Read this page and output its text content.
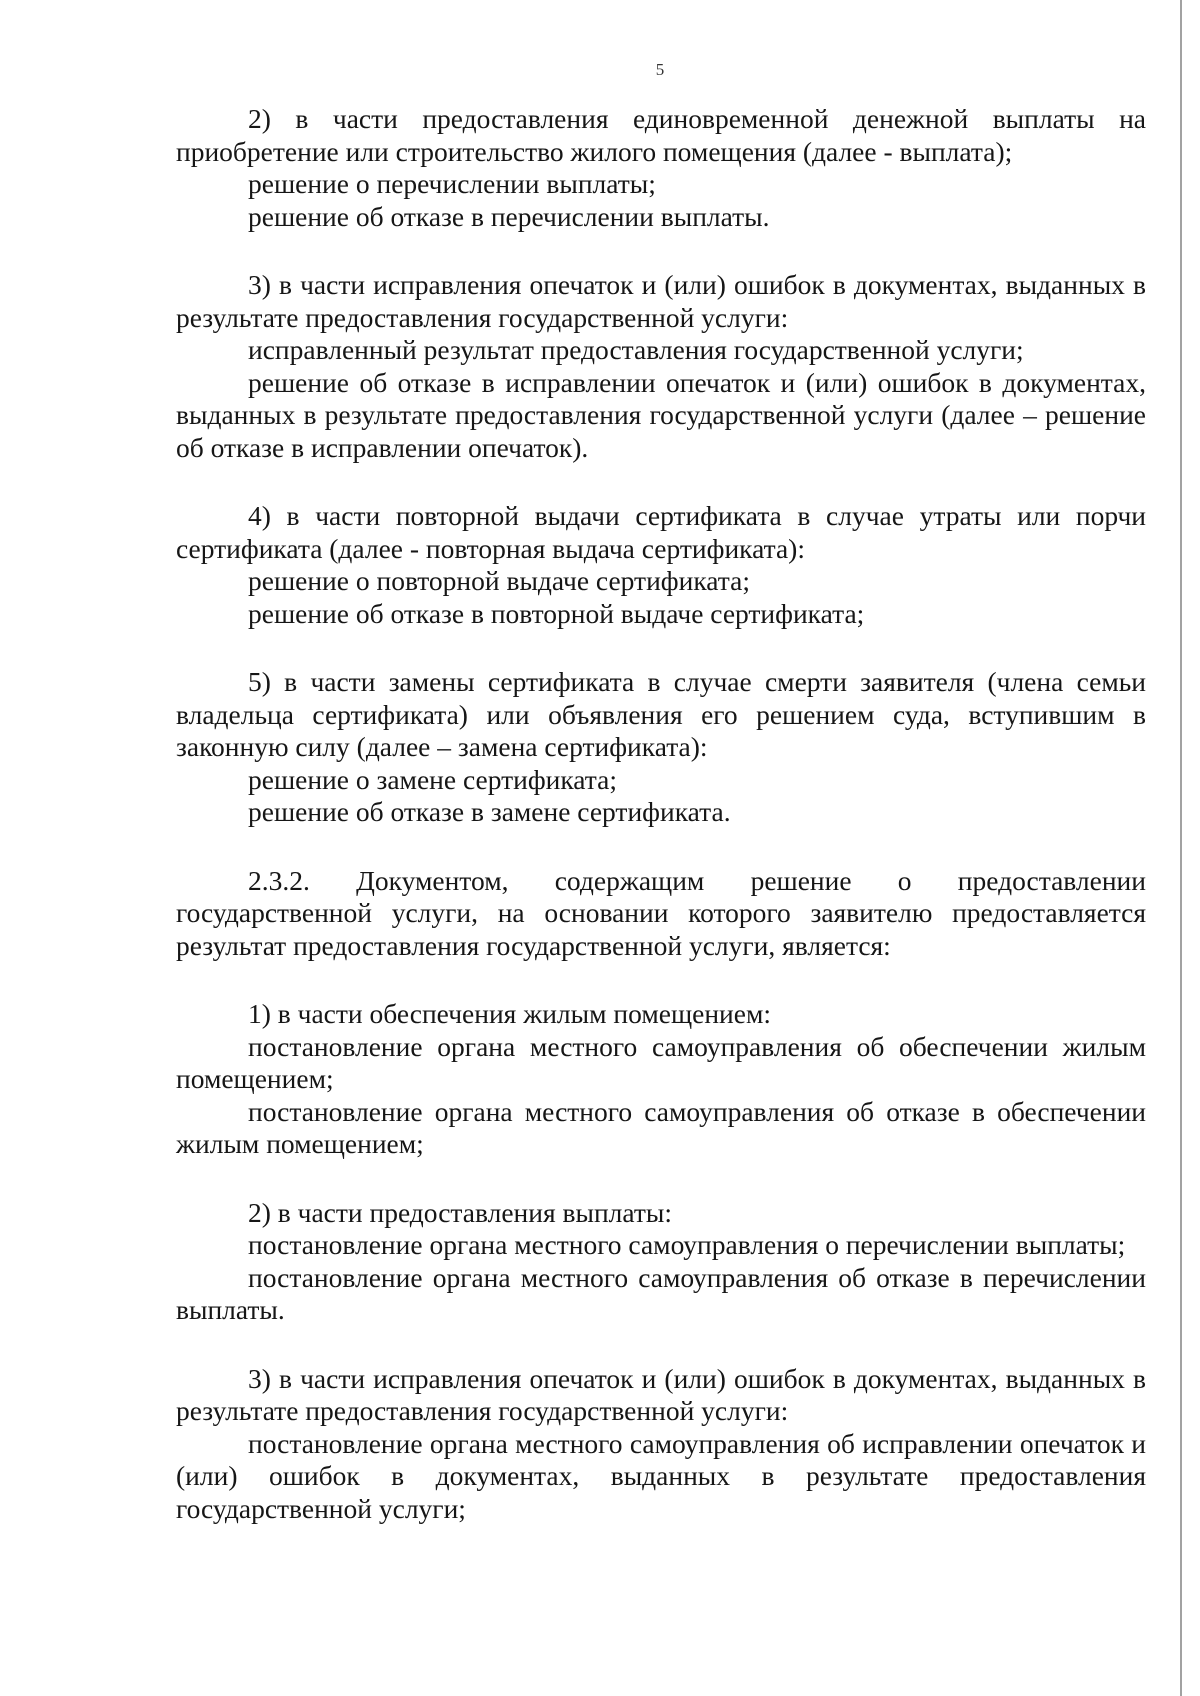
5

2) в части предоставления единовременной денежной выплаты на приобретение или строительство жилого помещения (далее - выплата);

решение о перечислении выплаты;

решение об отказе в перечислении выплаты.

3) в части исправления опечаток и (или) ошибок в документах, выданных в результате предоставления государственной услуги:

исправленный результат предоставления государственной услуги;

решение об отказе в исправлении опечаток и (или) ошибок в документах, выданных в результате предоставления государственной услуги (далее – решение об отказе в исправлении опечаток).

4) в части повторной выдачи сертификата в случае утраты или порчи сертификата (далее - повторная выдача сертификата):

решение о повторной выдаче сертификата;

решение об отказе в повторной выдаче сертификата;

5) в части замены сертификата в случае смерти заявителя (члена семьи владельца сертификата) или объявления его решением суда, вступившим в законную силу (далее – замена сертификата):

решение о замене сертификата;

решение об отказе в замене сертификата.

2.3.2. Документом, содержащим решение о предоставлении государственной услуги, на основании которого заявителю предоставляется результат предоставления государственной услуги, является:

1) в части обеспечения жилым помещением:

постановление органа местного самоуправления об обеспечении жилым помещением;

постановление органа местного самоуправления об отказе в обеспечении жилым помещением;

2) в части предоставления выплаты:

постановление органа местного самоуправления о перечислении выплаты;

постановление органа местного самоуправления об отказе в перечислении выплаты.

3) в части исправления опечаток и (или) ошибок в документах, выданных в результате предоставления государственной услуги:

постановление органа местного самоуправления об исправлении опечаток и (или) ошибок в документах, выданных в результате предоставления государственной услуги;
